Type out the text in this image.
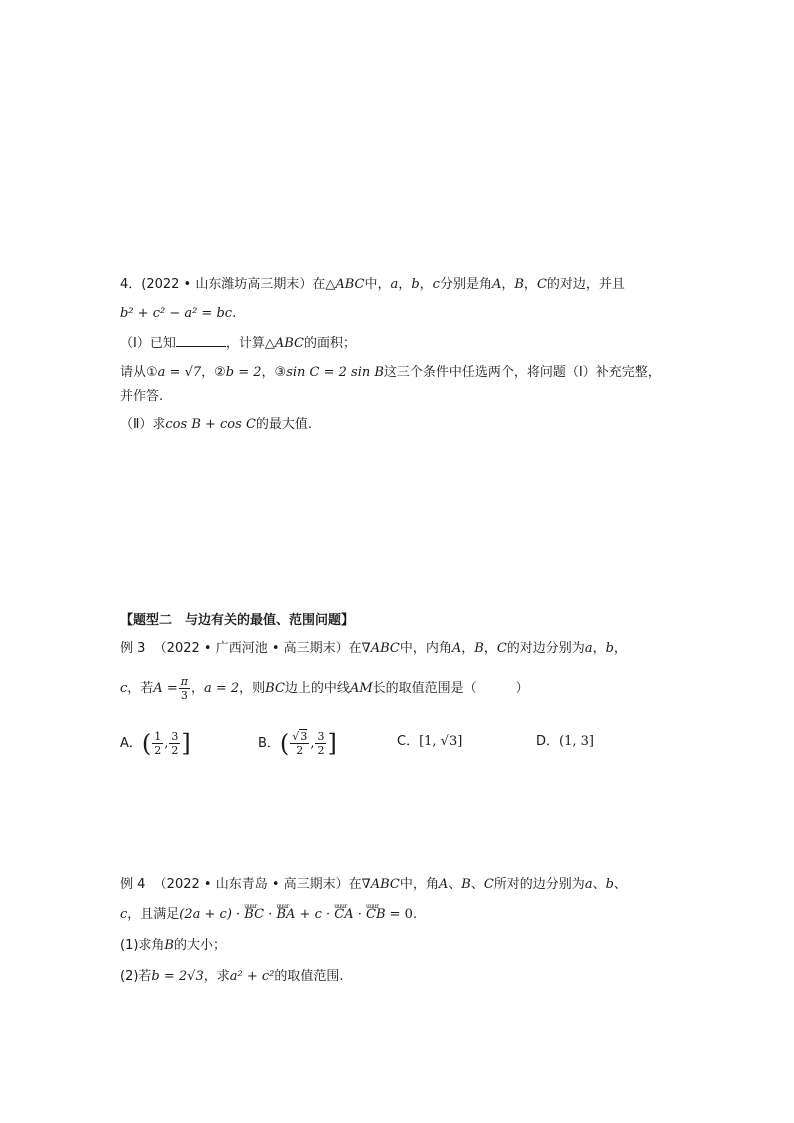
4．(2022 • 山东潍坊高三期末）在△ABC中，a，b，c分别是角A，B，C的对边，并且
b² + c² − a² = bc.
（Ⅰ）已知	，计算△ABC的面积；
请从①a = √7，②b = 2，③sin C = 2 sin B这三个条件中任选两个，将问题（Ⅰ）补充完整，
并作答.
（Ⅱ）求cos B + cos C的最大值.
【题型二　与边有关的最值、范围问题】
例 3 （2022 • 广西河池 • 高三期末）在∇ABC中，内角A，B，C的对边分别为a，b，
c，若$A = \frac{\pi}{3}$ ，a = 2，则BC边上的中线AM长的取值范围是（　　　）
A．( $\frac{1}{2}$ , $\frac{3}{2}$ ]	B．( $\frac{√3}{2}$ , $\frac{3}{2}$ ]	C．[1, √3]	D．(1, 3]
例 4 （2022 • 山东青岛 • 高三期末）在∇ABC中，角A、B、C所对的边分别为a、b、
c，且满足(2a + c) · uuur BC · uuur BA + c · uuur CA · uuur CB = 0.
(1)求角B的大小；
(2)若b = 2√3，求a² + c²的取值范围.
